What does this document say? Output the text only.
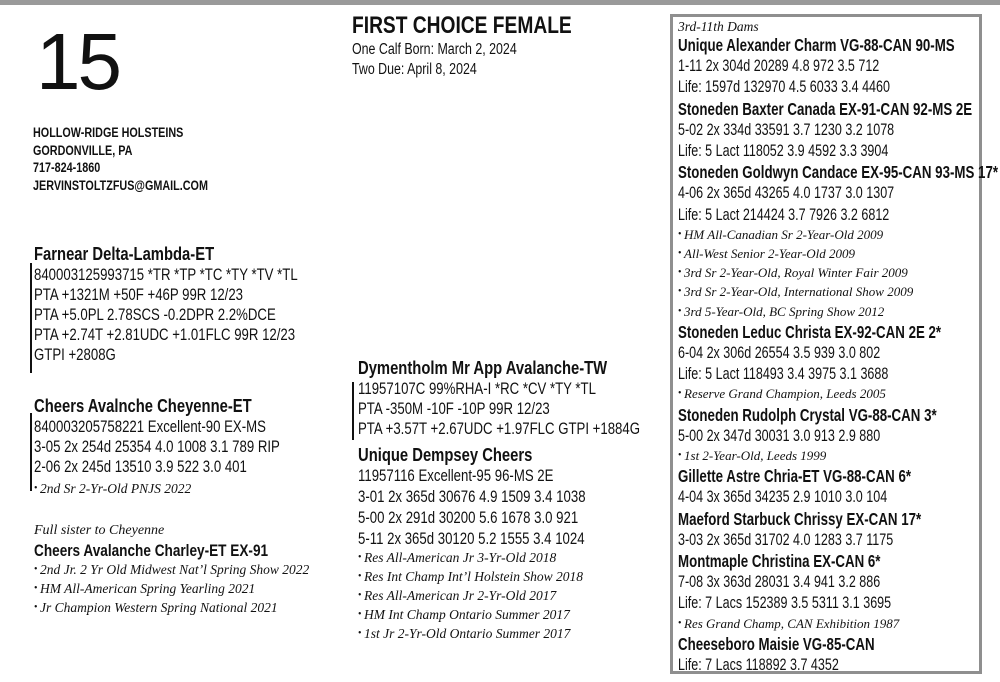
15
HOLLOW-RIDGE HOLSTEINS
GORDONVILLE, PA
717-824-1860
JERVINSTOLTZFUS@GMAIL.COM
FIRST CHOICE FEMALE
One Calf Born: March 2, 2024
Two Due: April 8, 2024
Farnear Delta-Lambda-ET
840003125993715 *TR *TP *TC *TY *TV *TL
PTA +1321M +50F +46P 99R 12/23
PTA +5.0PL 2.78SCS -0.2DPR 2.2%DCE
PTA +2.74T +2.81UDC +1.01FLC 99R 12/23
GTPI +2808G
Cheers Avalnche Cheyenne-ET
840003205758221 Excellent-90 EX-MS
3-05 2x 254d 25354 4.0 1008 3.1 789 RIP
2-06 2x 245d 13510 3.9 522 3.0 401
• 2nd Sr 2-Yr-Old PNJS 2022
Full sister to Cheyenne
Cheers Avalanche Charley-ET EX-91
• 2nd Jr. 2 Yr Old Midwest Nat’l Spring Show 2022
• HM All-American Spring Yearling 2021
• Jr Champion Western Spring National 2021
Dymentholm Mr App Avalanche-TW
11957107C 99%RHA-I *RC *CV *TY *TL
PTA -350M -10F -10P 99R 12/23
PTA +3.57T +2.67UDC +1.97FLC GTPI +1884G
Unique Dempsey Cheers
11957116 Excellent-95 96-MS 2E
3-01 2x 365d 30676 4.9 1509 3.4 1038
5-00 2x 291d 30200 5.6 1678 3.0 921
5-11 2x 365d 30120 5.2 1555 3.4 1024
• Res All-American Jr 3-Yr-Old 2018
• Res Int Champ Int’l Holstein Show 2018
• Res All-American Jr 2-Yr-Old 2017
• HM Int Champ Ontario Summer 2017
• 1st Jr 2-Yr-Old Ontario Summer 2017
3rd-11th Dams
Unique Alexander Charm VG-88-CAN 90-MS
1-11 2x 304d 20289 4.8 972 3.5 712
Life: 1597d 132970 4.5 6033 3.4 4460
Stoneden Baxter Canada EX-91-CAN 92-MS 2E
5-02 2x 334d 33591 3.7 1230 3.2 1078
Life: 5 Lact 118052 3.9 4592 3.3 3904
Stoneden Goldwyn Candace EX-95-CAN 93-MS 17*
4-06 2x 365d 43265 4.0 1737 3.0 1307
Life: 5 Lact 214424 3.7 7926 3.2 6812
• HM All-Canadian Sr 2-Year-Old 2009
• All-West Senior 2-Year-Old 2009
• 3rd Sr 2-Year-Old, Royal Winter Fair 2009
• 3rd Sr 2-Year-Old, International Show 2009
• 3rd 5-Year-Old, BC Spring Show 2012
Stoneden Leduc Christa EX-92-CAN 2E 2*
6-04 2x 306d 26554 3.5 939 3.0 802
Life: 5 Lact 118493 3.4 3975 3.1 3688
• Reserve Grand Champion, Leeds 2005
Stoneden Rudolph Crystal VG-88-CAN 3*
5-00 2x 347d 30031 3.0 913 2.9 880
• 1st 2-Year-Old, Leeds 1999
Gillette Astre Chria-ET VG-88-CAN 6*
4-04 3x 365d 34235 2.9 1010 3.0 104
Maeford Starbuck Chrissy EX-CAN 17*
3-03 2x 365d 31702 4.0 1283 3.7 1175
Montmaple Christina EX-CAN 6*
7-08 3x 363d 28031 3.4 941 3.2 886
Life: 7 Lacs 152389 3.5 5311 3.1 3695
• Res Grand Champ, CAN Exhibition 1987
Cheeseboro Maisie VG-85-CAN
Life: 7 Lacs 118892 3.7 4352
